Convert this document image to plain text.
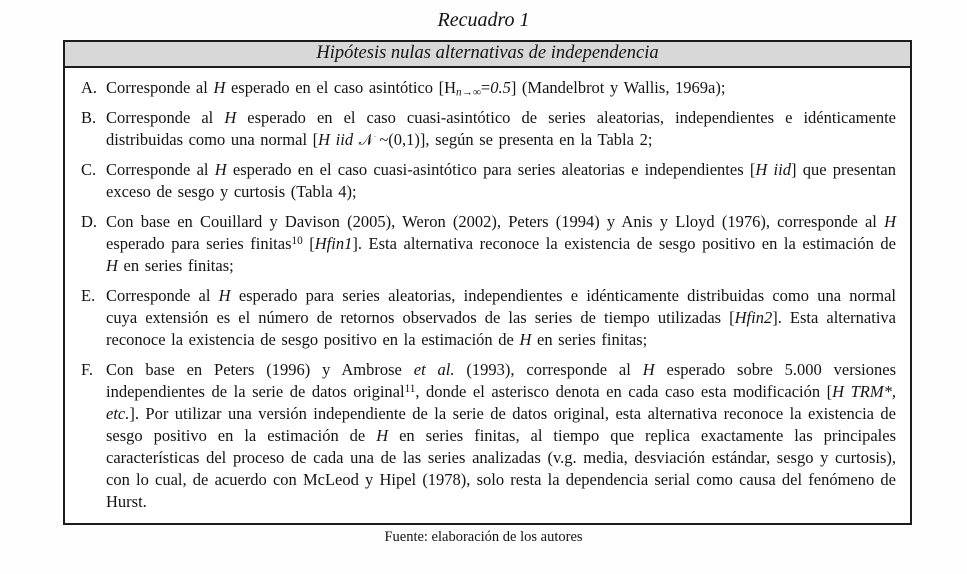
Recuadro 1
Hipótesis nulas alternativas de independencia
A. Corresponde al H esperado en el caso asintótico [Hn→∞=0.5] (Mandelbrot y Wallis, 1969a);
B. Corresponde al H esperado en el caso cuasi-asintótico de series aleatorias, independientes e idénticamente distribuidas como una normal [H iid 𝒩 ~(0,1)], según se presenta en la Tabla 2;
C. Corresponde al H esperado en el caso cuasi-asintótico para series aleatorias e independientes [H iid] que presentan exceso de sesgo y curtosis (Tabla 4);
D. Con base en Couillard y Davison (2005), Weron (2002), Peters (1994) y Anis y Lloyd (1976), corresponde al H esperado para series finitas$^{10}$ [Hfin1]. Esta alternativa reconoce la existencia de sesgo positivo en la estimación de H en series finitas;
E. Corresponde al H esperado para series aleatorias, independientes e idénticamente distribuidas como una normal cuya extensión es el número de retornos observados de las series de tiempo utilizadas [Hfin2]. Esta alternativa reconoce la existencia de sesgo positivo en la estimación de H en series finitas;
F. Con base en Peters (1996) y Ambrose et al. (1993), corresponde al H esperado sobre 5.000 versiones independientes de la serie de datos original$^{11}$, donde el asterisco denota en cada caso esta modificación [H TRM*, etc.]. Por utilizar una versión independiente de la serie de datos original, esta alternativa reconoce la existencia de sesgo positivo en la estimación de H en series finitas, al tiempo que replica exactamente las principales características del proceso de cada una de las series analizadas (v.g. media, desviación estándar, sesgo y curtosis), con lo cual, de acuerdo con McLeod y Hipel (1978), solo resta la dependencia serial como causa del fenómeno de Hurst.
Fuente: elaboración de los autores
